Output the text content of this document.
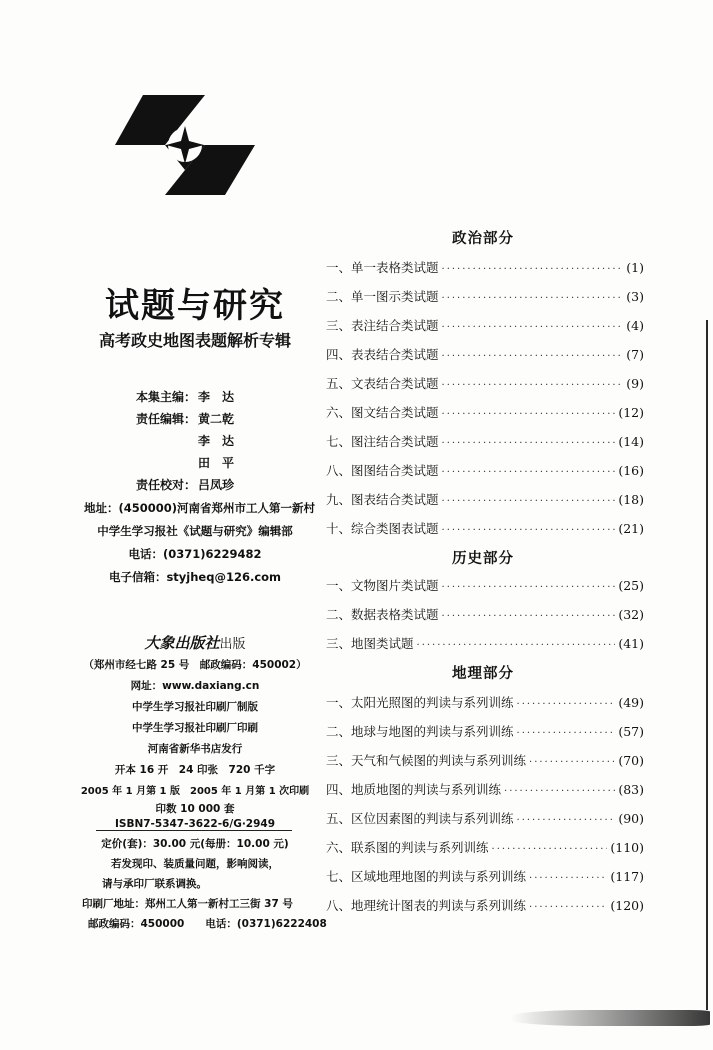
试题与研究
高考政史地图表题解析专辑
本集主编： 李　达
责任编辑： 黄二乾
李　达
田　平
责任校对： 吕凤珍
地址：(450000)河南省郑州市工人第一新村
中学生学习报社《试题与研究》编辑部
电话：(0371)6229482
电子信箱：styjheq@126.com
大象出版社出版
（郑州市经七路 25 号　邮政编码：450002）
网址：www.daxiang.cn
中学生学习报社印刷厂制版
中学生学习报社印刷厂印刷
河南省新华书店发行
开本 16 开　24 印张　720 千字
2005 年 1 月第 1 版　2005 年 1 月第 1 次印刷
印数 10 000 套
ISBN7-5347-3622-6/G·2949
定价(套)：30.00 元(每册：10.00 元)
若发现印、装质量问题，影响阅读，
请与承印厂联系调换。
印刷厂地址：郑州工人第一新村工三街 37 号
邮政编码：450000　　电话：(0371)6222408
政治部分
一、单一表格类试题 ·····	(1)
二、单一图示类试题 ·····	(3)
三、表注结合类试题 ·····	(4)
四、表表结合类试题 ·····	(7)
五、文表结合类试题 ·····	(9)
六、图文结合类试题 ·····	(12)
七、图注结合类试题 ·····	(14)
八、图图结合类试题 ·····	(16)
九、图表结合类试题 ·····	(18)
十、综合类图表试题 ·····	(21)
历史部分
一、文物图片类试题 ·····	(25)
二、数据表格类试题 ·····	(32)
三、地图类试题 ·····	(41)
地理部分
一、太阳光照图的判读与系列训练 ·····	(49)
二、地球与地图的判读与系列训练 ·····	(57)
三、天气和气候图的判读与系列训练 ·····	(70)
四、地质地图的判读与系列训练 ·····	(83)
五、区位因素图的判读与系列训练 ·····	(90)
六、联系图的判读与系列训练 ·····	(110)
七、区域地理地图的判读与系列训练 ·····	(117)
八、地理统计图表的判读与系列训练 ·····	(120)
